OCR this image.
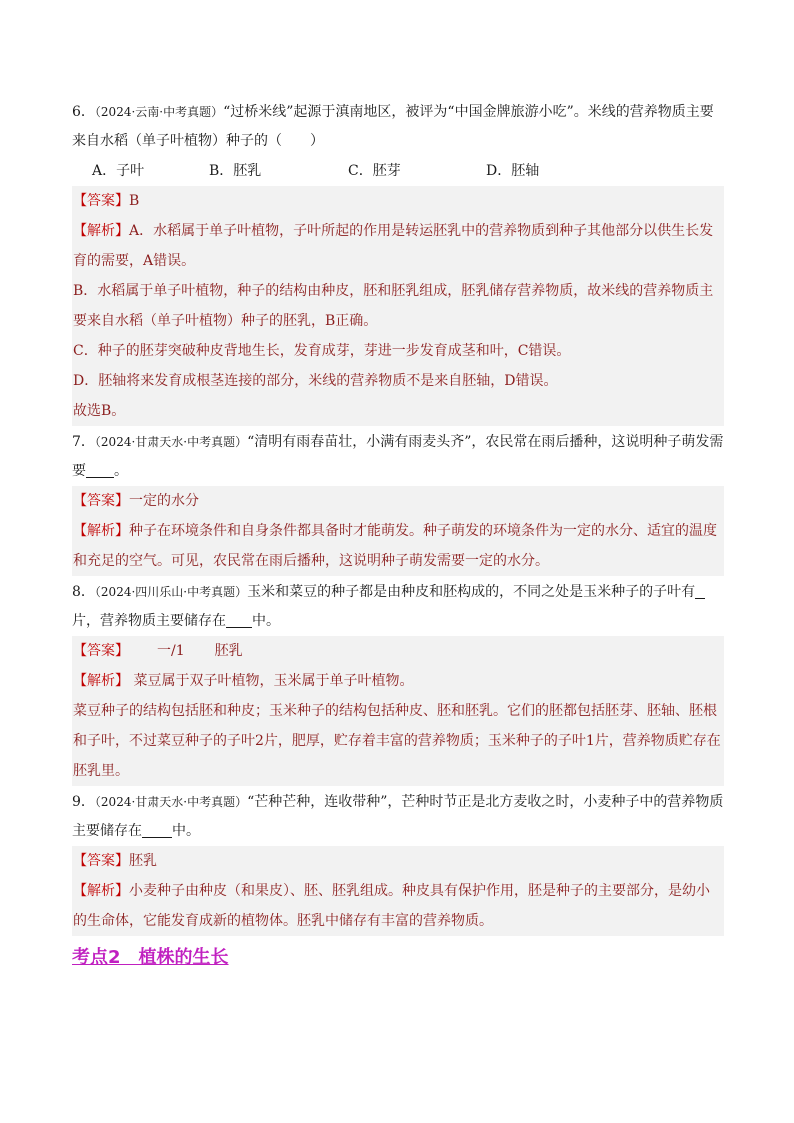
6．（2024·云南·中考真题）“过桥米线”起源于滇南地区，被评为“中国金牌旅游小吃”。米线的营养物质主要来自水稻（单子叶植物）种子的（　　）

A．子叶	B．胚乳	C．胚芽	D．胚轴

【答案】B

【解析】A．水稻属于单子叶植物，子叶所起的作用是转运胚乳中的营养物质到种子其他部分以供生长发育的需要，A错误。

B．水稻属于单子叶植物，种子的结构由种皮，胚和胚乳组成，胚乳储存营养物质，故米线的营养物质主要来自水稻（单子叶植物）种子的胚乳，B正确。

C．种子的胚芽突破种皮背地生长，发育成芽，芽进一步发育成茎和叶，C错误。

D．胚轴将来发育成根茎连接的部分，米线的营养物质不是来自胚轴，D错误。

故选B。

7．（2024·甘肃天水·中考真题）“清明有雨春苗壮，小满有雨麦头齐”，农民常在雨后播种，这说明种子萌发需要 。

【答案】一定的水分

【解析】种子在环境条件和自身条件都具备时才能萌发。种子萌发的环境条件为一定的水分、适宜的温度和充足的空气。可见，农民常在雨后播种，这说明种子萌发需要一定的水分。

8．（2024·四川乐山·中考真题）玉米和菜豆的种子都是由种皮和胚构成的，不同之处是玉米种子的子叶有片，营养物质主要储存在 中。

【答案】 一/1 胚乳

【解析】 菜豆属于双子叶植物，玉米属于单子叶植物。

菜豆种子的结构包括胚和种皮；玉米种子的结构包括种皮、胚和胚乳。它们的胚都包括胚芽、胚轴、胚根和子叶，不过菜豆种子的子叶2片，肥厚，贮存着丰富的营养物质；玉米种子的子叶1片，营养物质贮存在胚乳里。

9．（2024·甘肃天水·中考真题）“芒种芒种，连收带种”，芒种时节正是北方麦收之时，小麦种子中的营养物质主要储存在 中。

【答案】胚乳

【解析】小麦种子由种皮（和果皮）、胚、胚乳组成。种皮具有保护作用，胚是种子的主要部分，是幼小的生命体，它能发育成新的植物体。胚乳中储存有丰富的营养物质。

考点2　植株的生长
